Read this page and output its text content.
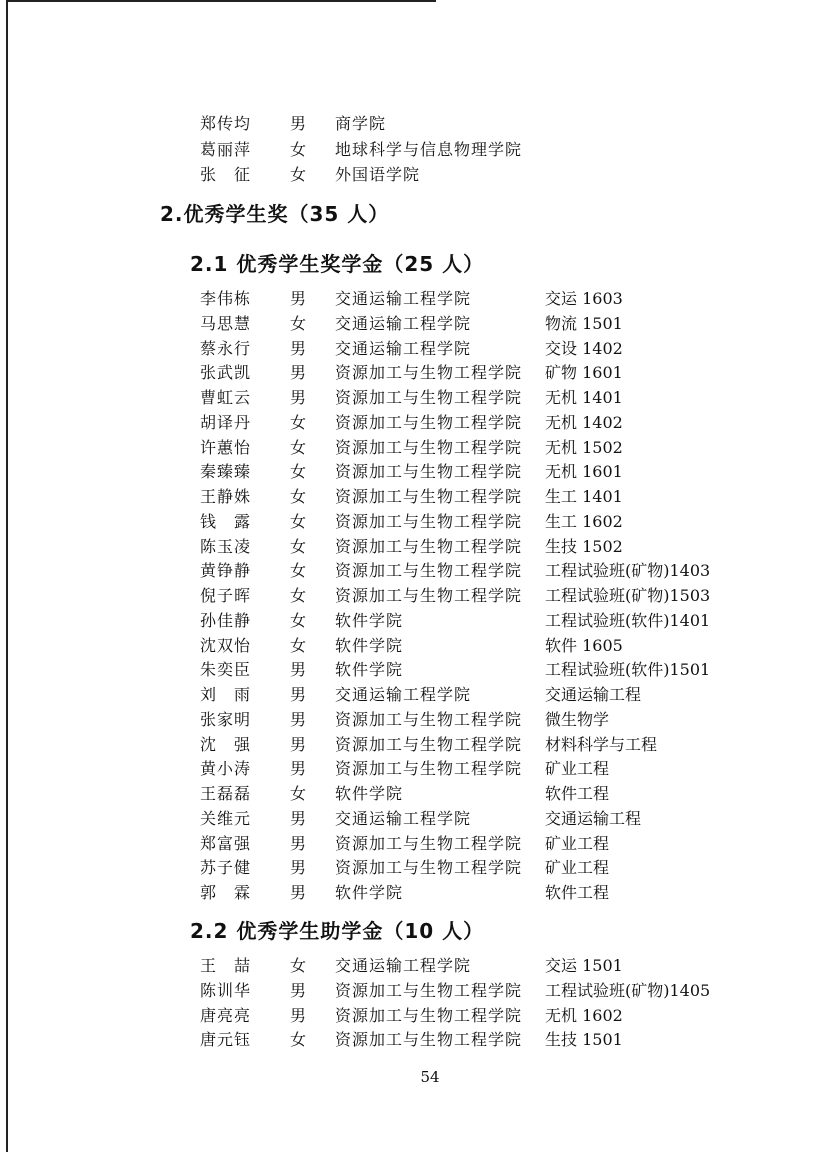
2.优秀学生奖（35 人）
2.1 优秀学生奖学金（25 人）
2.2 优秀学生助学金（10 人）
54
郑传均	男	商学院
葛丽萍	女	地球科学与信息物理学院
张　征	女	外国语学院
李伟栋	男	交通运输工程学院	交运 1603
马思慧	女	交通运输工程学院	物流 1501
蔡永行	男	交通运输工程学院	交设 1402
张武凯	男	资源加工与生物工程学院	矿物 1601
曹虹云	男	资源加工与生物工程学院	无机 1401
胡译丹	女	资源加工与生物工程学院	无机 1402
许蕙怡	女	资源加工与生物工程学院	无机 1502
秦臻臻	女	资源加工与生物工程学院	无机 1601
王静姝	女	资源加工与生物工程学院	生工 1401
钱　露	女	资源加工与生物工程学院	生工 1602
陈玉凌	女	资源加工与生物工程学院	生技 1502
黄铮静	女	资源加工与生物工程学院	工程试验班(矿物)1403
倪子晖	女	资源加工与生物工程学院	工程试验班(矿物)1503
孙佳静	女	软件学院	工程试验班(软件)1401
沈双怡	女	软件学院	软件 1605
朱奕臣	男	软件学院	工程试验班(软件)1501
刘　雨	男	交通运输工程学院	交通运输工程
张家明	男	资源加工与生物工程学院	微生物学
沈　强	男	资源加工与生物工程学院	材料科学与工程
黄小涛	男	资源加工与生物工程学院	矿业工程
王磊磊	女	软件学院	软件工程
关维元	男	交通运输工程学院	交通运输工程
郑富强	男	资源加工与生物工程学院	矿业工程
苏子健	男	资源加工与生物工程学院	矿业工程
郭　霖	男	软件学院	软件工程
王　喆	女	交通运输工程学院	交运 1501
陈训华	男	资源加工与生物工程学院	工程试验班(矿物)1405
唐亮亮	男	资源加工与生物工程学院	无机 1602
唐元钰	女	资源加工与生物工程学院	生技 1501
